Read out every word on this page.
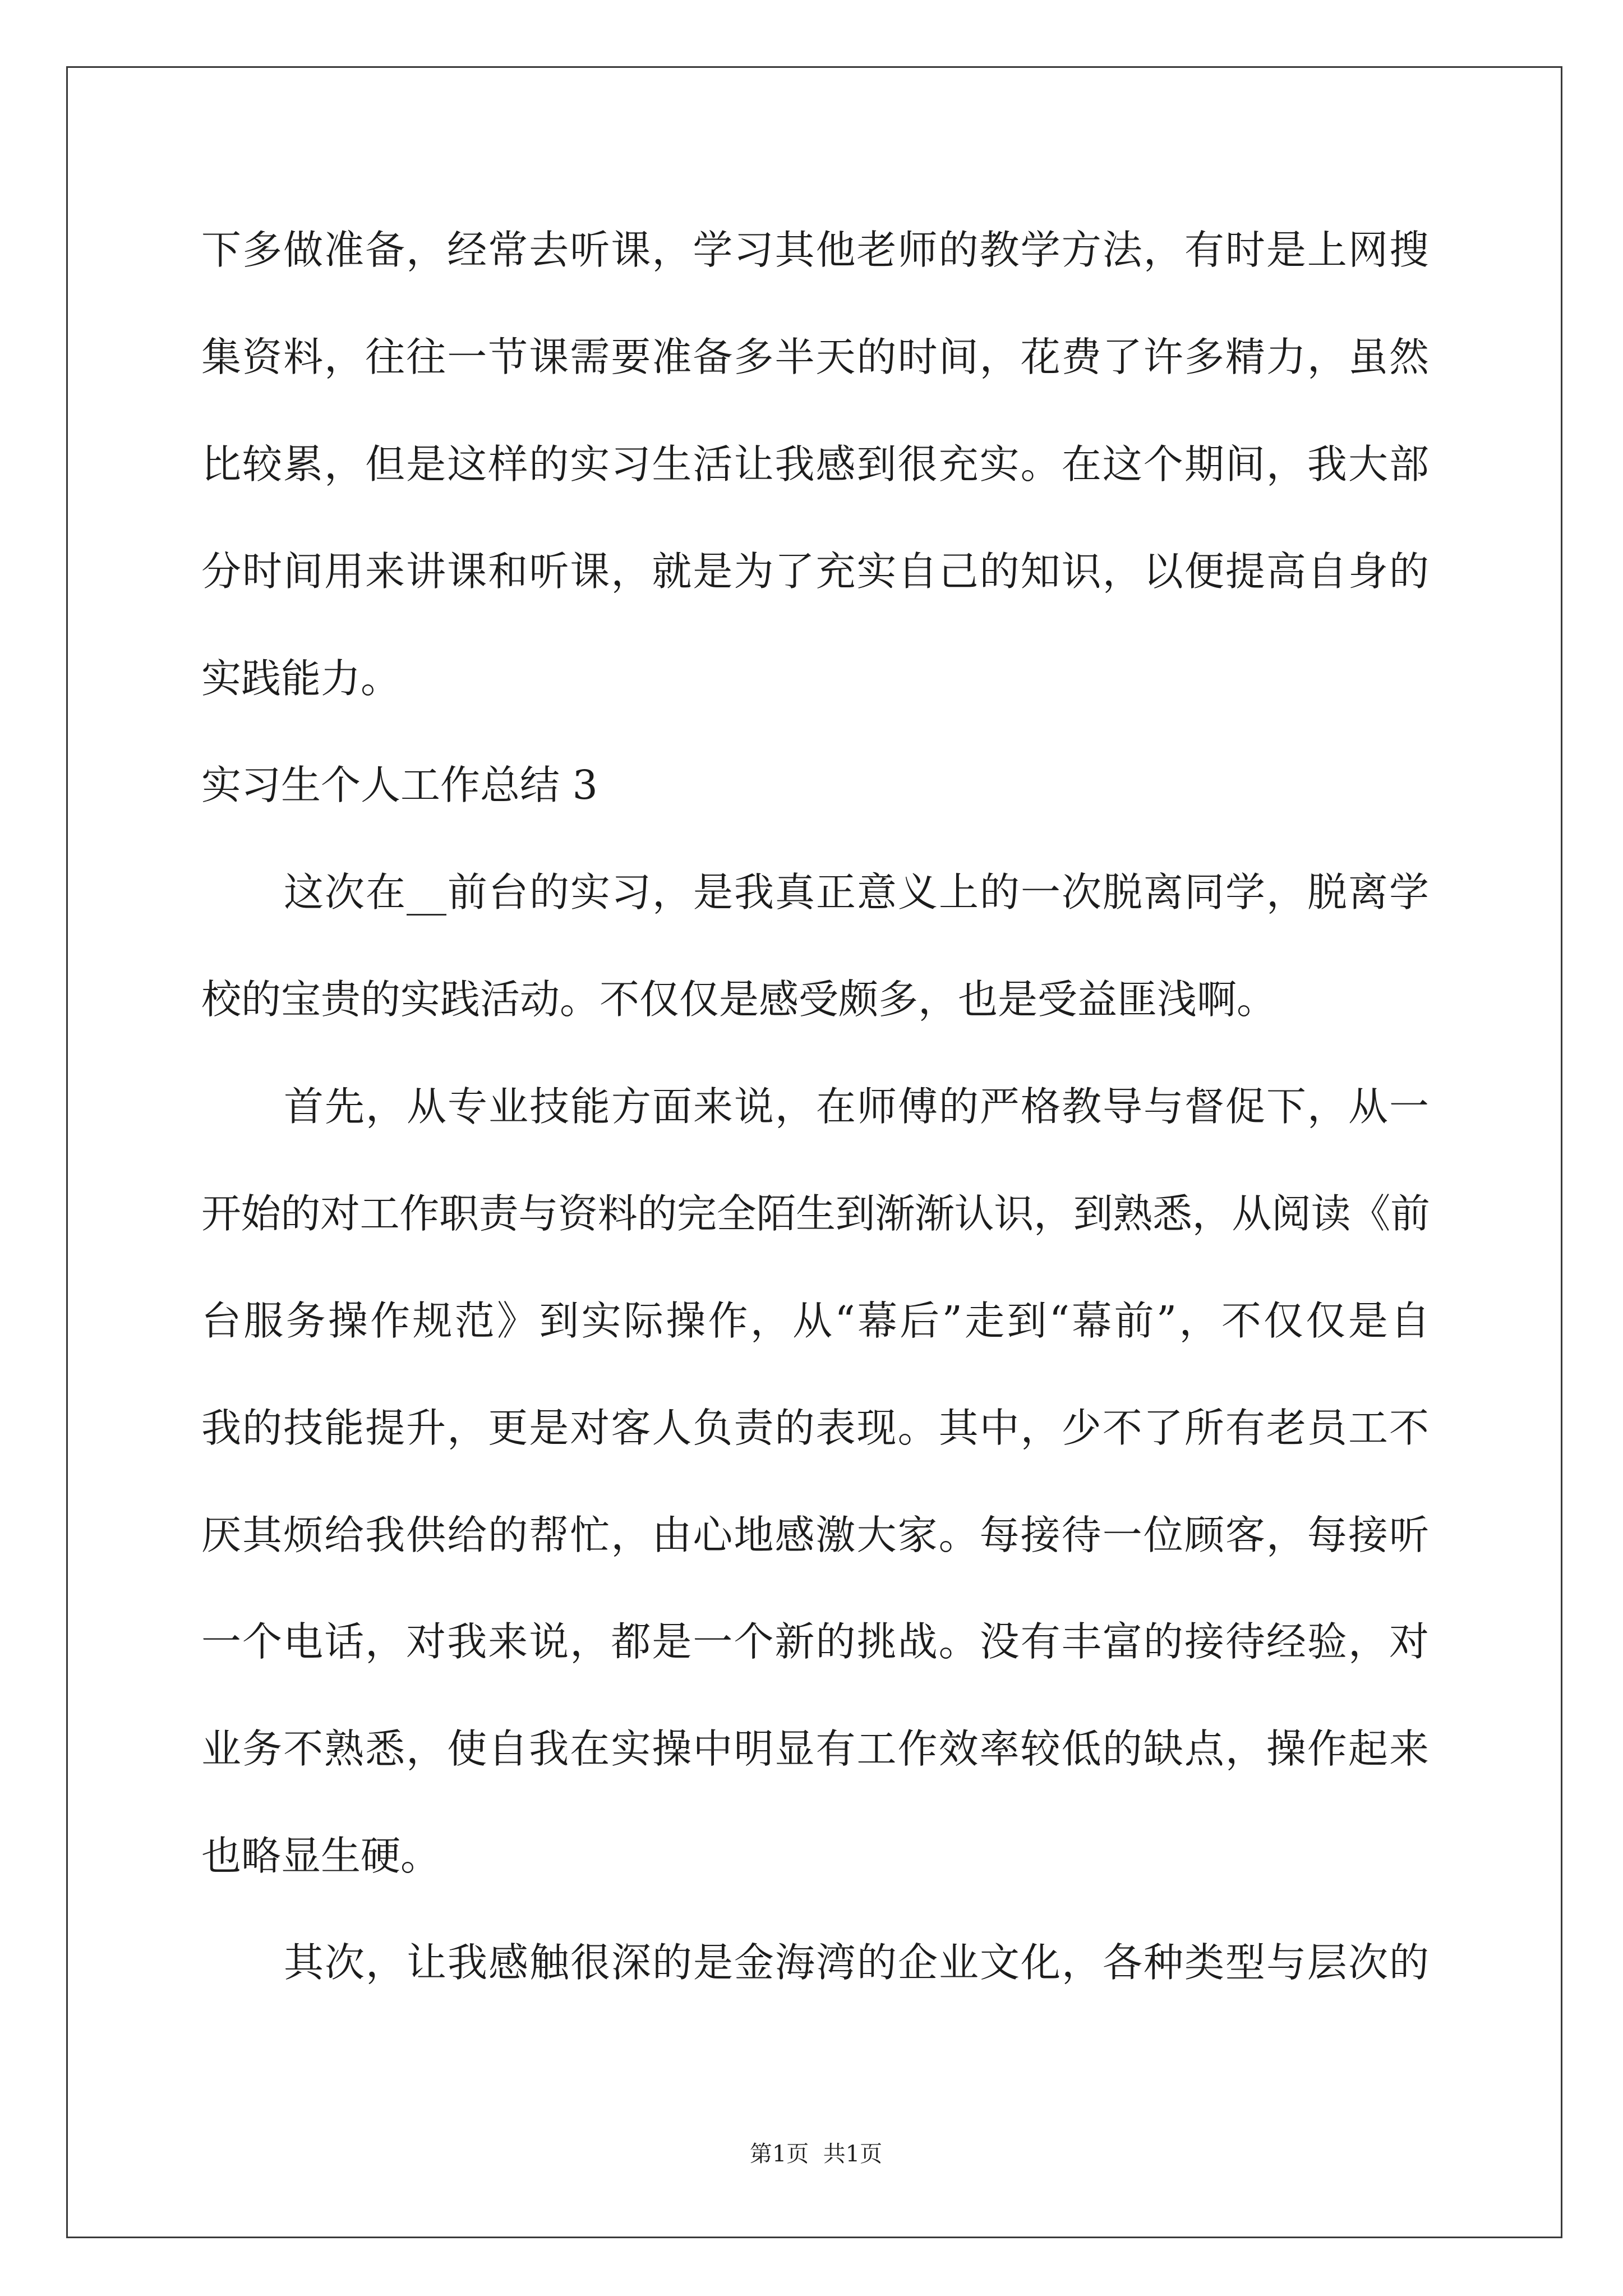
下多做准备，经常去听课，学习其他老师的教学方法，有时是上网搜
集资料，往往一节课需要准备多半天的时间，花费了许多精力，虽然
比较累，但是这样的实习生活让我感到很充实。在这个期间，我大部
分时间用来讲课和听课，就是为了充实自己的知识，以便提高自身的
实践能力。
实习生个人工作总结 3
这次在__前台的实习，是我真正意义上的一次脱离同学，脱离学
校的宝贵的实践活动。不仅仅是感受颇多，也是受益匪浅啊。
首先，从专业技能方面来说，在师傅的严格教导与督促下，从一
开始的对工作职责与资料的完全陌生到渐渐认识，到熟悉，从阅读《前
台服务操作规范》到实际操作，从“幕后”走到“幕前”，不仅仅是自
我的技能提升，更是对客人负责的表现。其中，少不了所有老员工不
厌其烦给我供给的帮忙，由心地感激大家。每接待一位顾客，每接听
一个电话，对我来说，都是一个新的挑战。没有丰富的接待经验，对
业务不熟悉，使自我在实操中明显有工作效率较低的缺点，操作起来
也略显生硬。
其次，让我感触很深的是金海湾的企业文化，各种类型与层次的
第1页  共1页
